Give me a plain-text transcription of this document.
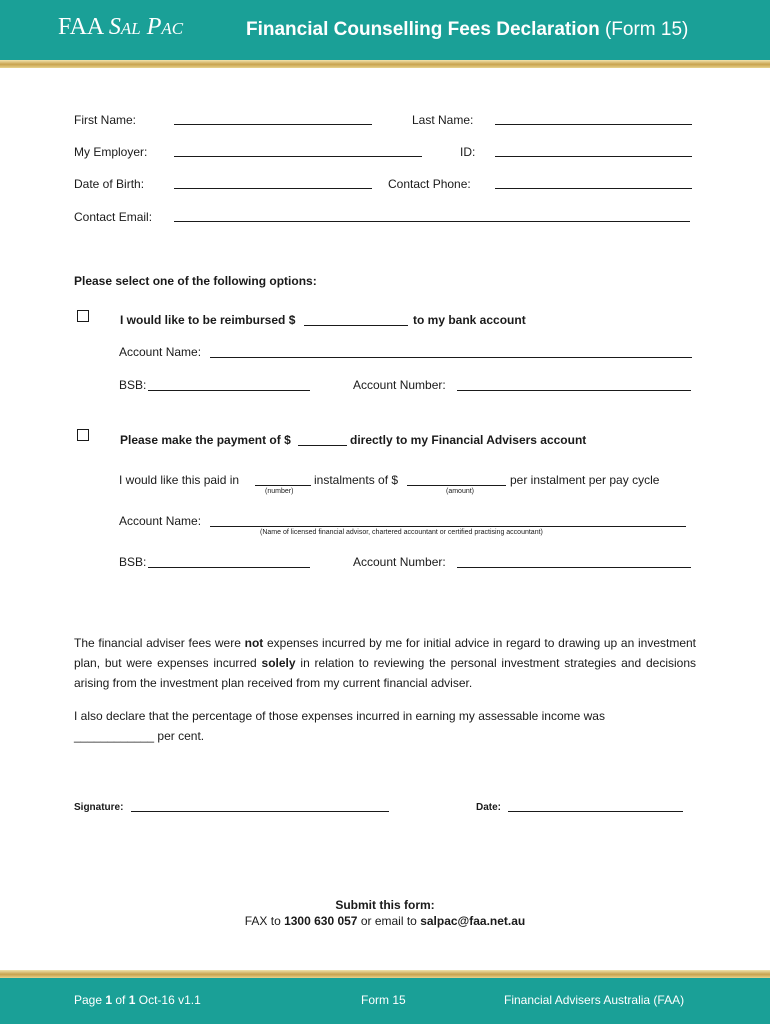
FAA Sal Pac	Financial Counselling Fees Declaration (Form 15)
First Name:	Last Name:
My Employer:	ID:
Date of Birth:	Contact Phone:
Contact Email:
Please select one of the following options:
I would like to be reimbursed $	to my bank account
Account Name:
BSB:	Account Number:
Please make the payment of $	directly to my Financial Advisers account
I would like this paid in
(number)
instalments of $
(amount)
per instalment per pay cycle
Account Name:
(Name of licensed financial advisor, chartered accountant or certified practising accountant)
BSB:	Account Number:
The financial adviser fees were not expenses incurred by me for initial advice in regard to drawing up an investment plan, but were expenses incurred solely in relation to reviewing the personal investment strategies and decisions arising from the investment plan received from my current financial adviser.
I also declare that the percentage of those expenses incurred in earning my assessable income was
____________ per cent.
Signature:	Date:
Submit this form:
FAX to 1300 630 057 or email to salpac@faa.net.au
Page 1 of 1 Oct-16 v1.1	Form 15	Financial Advisers Australia (FAA)
